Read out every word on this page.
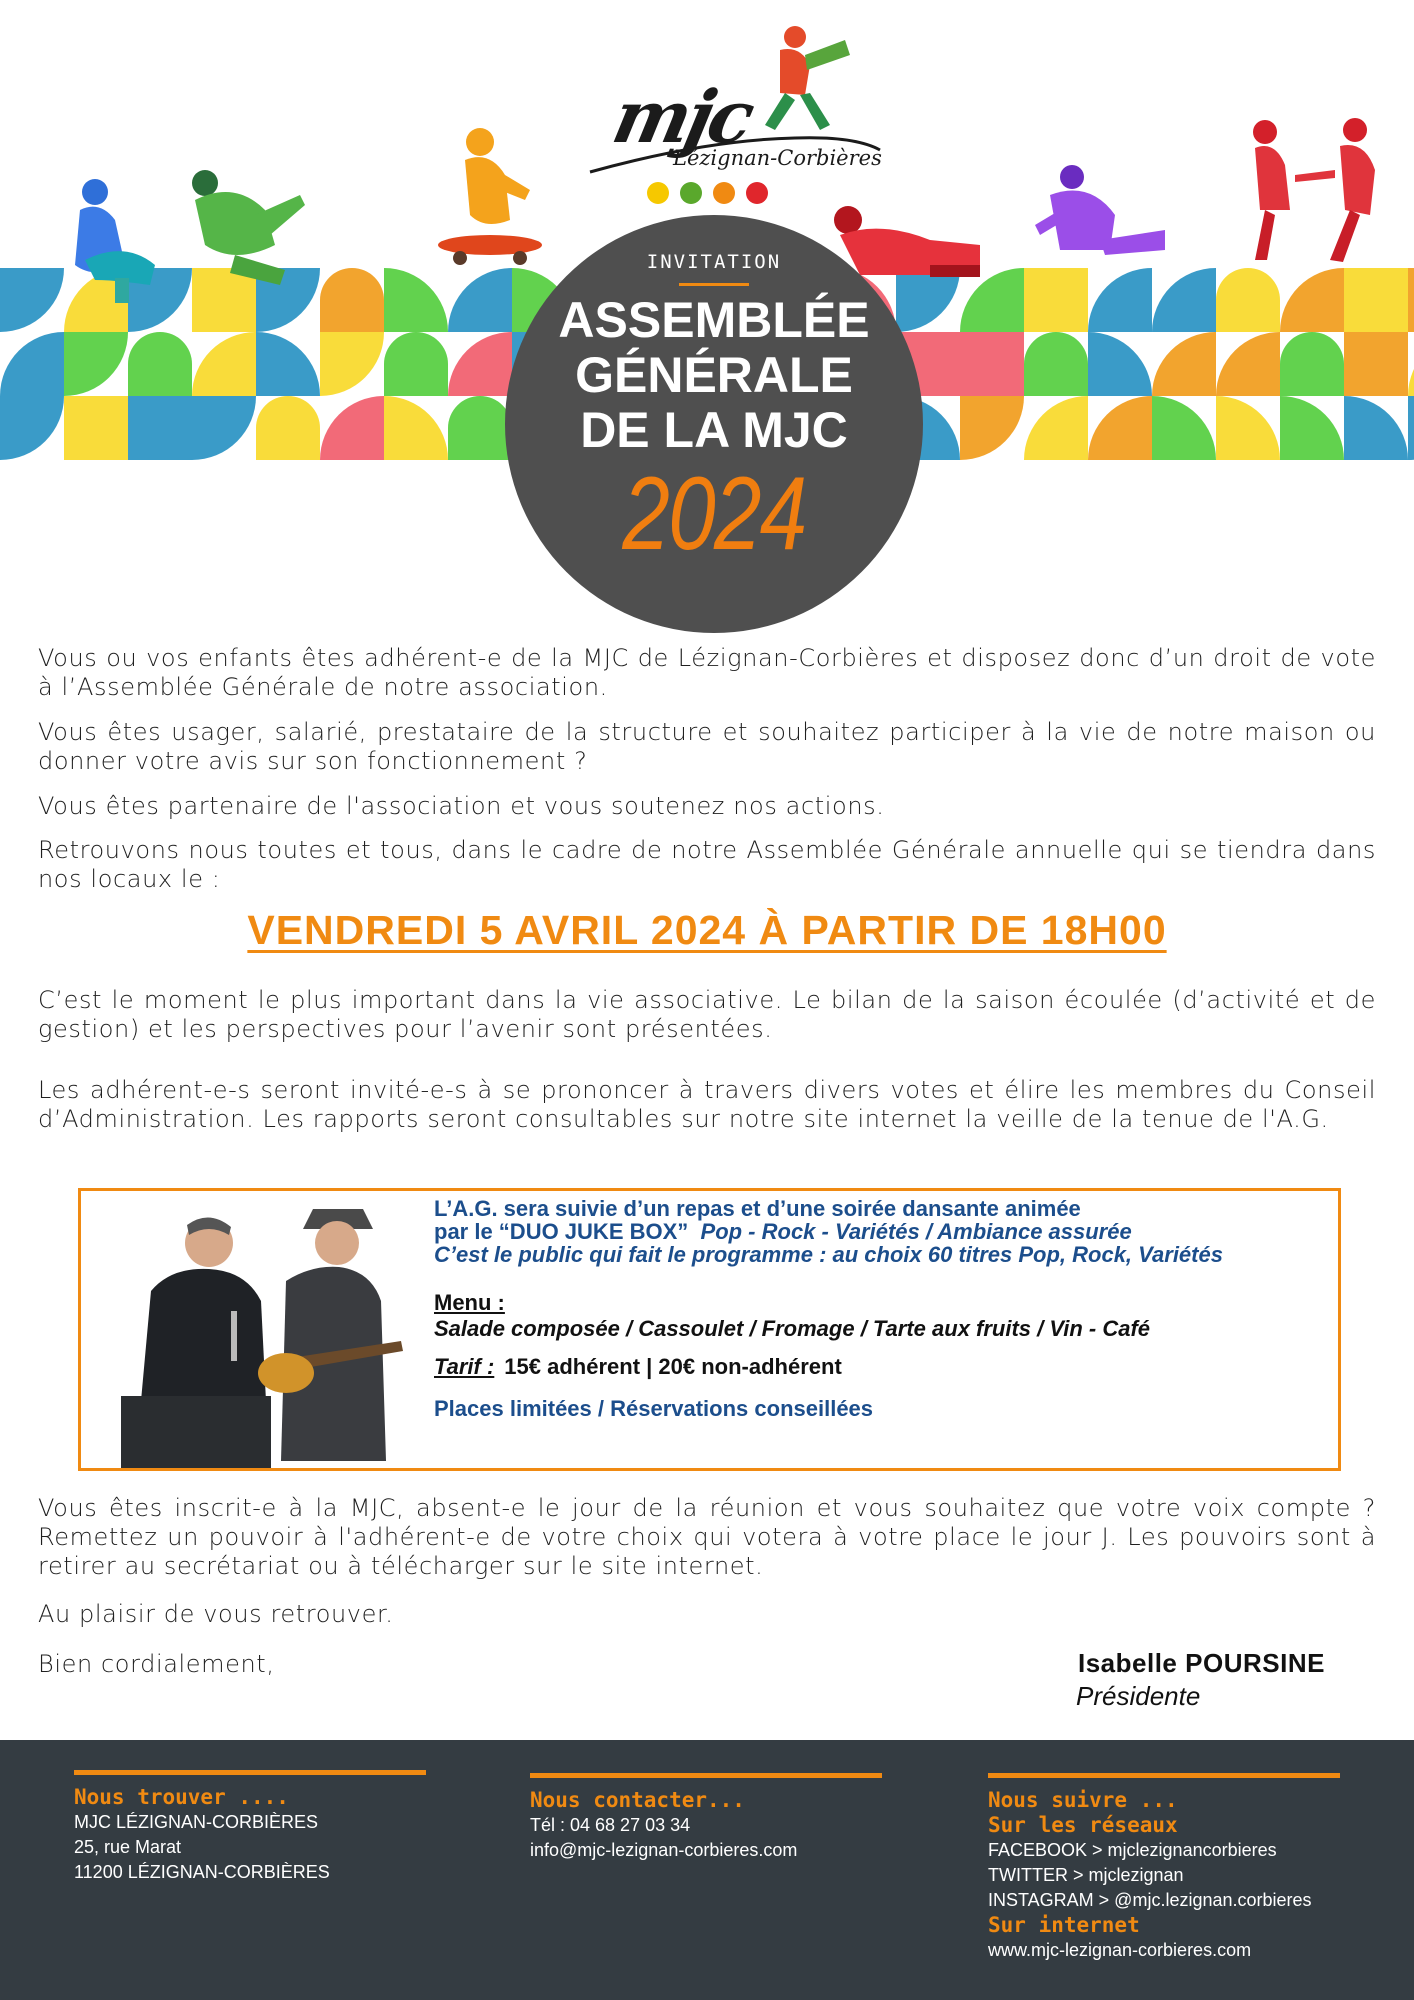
mjc
Lézignan-Corbières
INVITATION
ASSEMBLÉE
GÉNÉRALE
DE LA MJC
2024
Vous ou vos enfants êtes adhérent-e de la MJC de Lézignan-Corbières et disposez donc d’un droit de vote à l’Assemblée Générale de notre association.
Vous êtes usager, salarié, prestataire de la structure et souhaitez participer à la vie de notre maison ou donner votre avis sur son fonctionnement ?
Vous êtes partenaire de l'association et vous soutenez nos actions.
Retrouvons nous toutes et tous, dans le cadre de notre Assemblée Générale annuelle qui se tiendra dans nos locaux le :
VENDREDI 5 AVRIL 2024 À PARTIR DE 18H00
C’est le moment le plus important dans la vie associative. Le bilan de la saison écoulée (d’activité et de gestion) et les perspectives pour l’avenir sont présentées.
Les adhérent-e-s seront invité-e-s à se prononcer à travers divers votes et élire les membres du Conseil d’Administration. Les rapports seront consultables sur notre site internet la veille de la tenue de l'A.G.
L’A.G. sera suivie d’un repas et d’une soirée dansante animée
par le “DUO JUKE BOX” Pop - Rock - Variétés / Ambiance assurée
C’est le public qui fait le programme : au choix 60 titres Pop, Rock, Variétés
Menu :
Salade composée / Cassoulet / Fromage / Tarte aux fruits / Vin - Café
Tarif : 15€ adhérent | 20€ non-adhérent
Places limitées / Réservations conseillées
Vous êtes inscrit-e à la MJC, absent-e le jour de la réunion et vous souhaitez que votre voix compte ? Remettez un pouvoir à l'adhérent-e de votre choix qui votera à votre place le jour J. Les pouvoirs sont à retirer au secrétariat ou à télécharger sur le site internet.
Au plaisir de vous retrouver.
Bien cordialement,	Isabelle POURSINE
Présidente
Nous trouver ....
MJC LÉZIGNAN-CORBIÈRES
25, rue Marat
11200 LÉZIGNAN-CORBIÈRES
Nous contacter...
Tél : 04 68 27 03 34
info@mjc-lezignan-corbieres.com
Nous suivre ...
Sur les réseaux
FACEBOOK > mjclezignancorbieres
TWITTER > mjclezignan
INSTAGRAM > @mjc.lezignan.corbieres
Sur internet
www.mjc-lezignan-corbieres.com
